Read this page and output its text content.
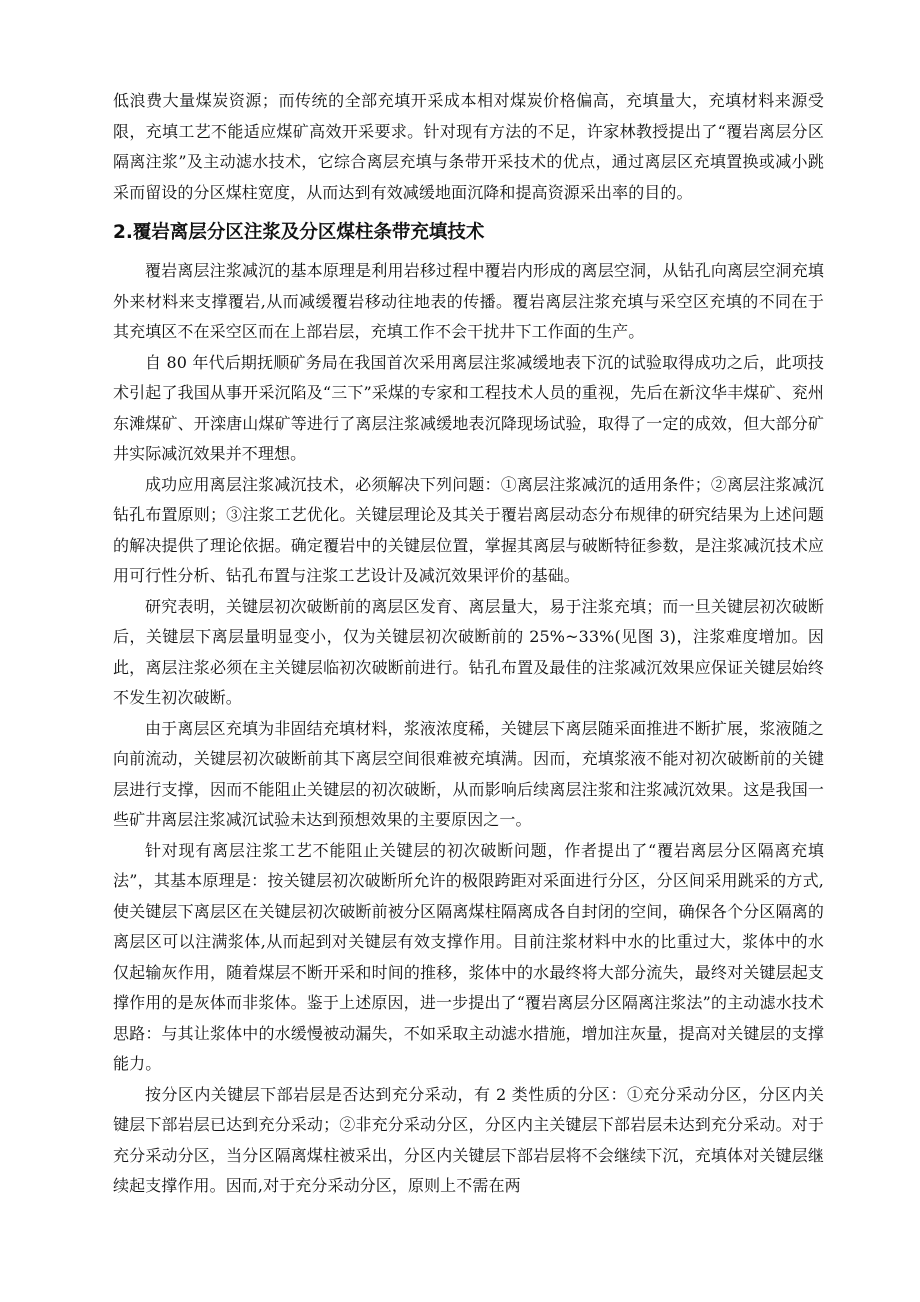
低浪费大量煤炭资源；而传统的全部充填开采成本相对煤炭价格偏高，充填量大，充填材料来源受限，充填工艺不能适应煤矿高效开采要求。针对现有方法的不足，许家林教授提出了“覆岩离层分区隔离注浆”及主动滤水技术，它综合离层充填与条带开采技术的优点，通过离层区充填置换或减小跳采而留设的分区煤柱宽度，从而达到有效减缓地面沉降和提高资源采出率的目的。

2.覆岩离层分区注浆及分区煤柱条带充填技术

覆岩离层注浆减沉的基本原理是利用岩移过程中覆岩内形成的离层空洞，从钻孔向离层空洞充填外来材料来支撑覆岩,从而减缓覆岩移动往地表的传播。覆岩离层注浆充填与采空区充填的不同在于其充填区不在采空区而在上部岩层，充填工作不会干扰井下工作面的生产。

自 80 年代后期抚顺矿务局在我国首次采用离层注浆减缓地表下沉的试验取得成功之后，此项技术引起了我国从事开采沉陷及“三下”采煤的专家和工程技术人员的重视，先后在新汶华丰煤矿、兖州东滩煤矿、开滦唐山煤矿等进行了离层注浆减缓地表沉降现场试验，取得了一定的成效，但大部分矿井实际减沉效果并不理想。

成功应用离层注浆减沉技术，必须解决下列问题：①离层注浆减沉的适用条件；②离层注浆减沉钻孔布置原则；③注浆工艺优化。关键层理论及其关于覆岩离层动态分布规律的研究结果为上述问题的解决提供了理论依据。确定覆岩中的关键层位置，掌握其离层与破断特征参数，是注浆减沉技术应用可行性分析、钻孔布置与注浆工艺设计及减沉效果评价的基础。

研究表明，关键层初次破断前的离层区发育、离层量大，易于注浆充填；而一旦关键层初次破断后，关键层下离层量明显变小，仅为关键层初次破断前的 25%~33%(见图 3)，注浆难度增加。因此，离层注浆必须在主关键层临初次破断前进行。钻孔布置及最佳的注浆减沉效果应保证关键层始终不发生初次破断。

由于离层区充填为非固结充填材料，浆液浓度稀，关键层下离层随采面推进不断扩展，浆液随之向前流动，关键层初次破断前其下离层空间很难被充填满。因而，充填浆液不能对初次破断前的关键层进行支撑，因而不能阻止关键层的初次破断，从而影响后续离层注浆和注浆减沉效果。这是我国一些矿井离层注浆减沉试验未达到预想效果的主要原因之一。

针对现有离层注浆工艺不能阻止关键层的初次破断问题，作者提出了“覆岩离层分区隔离充填法”，其基本原理是：按关键层初次破断所允许的极限跨距对采面进行分区，分区间采用跳采的方式,使关键层下离层区在关键层初次破断前被分区隔离煤柱隔离成各自封闭的空间，确保各个分区隔离的离层区可以注满浆体,从而起到对关键层有效支撑作用。目前注浆材料中水的比重过大，浆体中的水仅起输灰作用，随着煤层不断开采和时间的推移，浆体中的水最终将大部分流失，最终对关键层起支撑作用的是灰体而非浆体。鉴于上述原因，进一步提出了“覆岩离层分区隔离注浆法”的主动滤水技术思路：与其让浆体中的水缓慢被动漏失，不如采取主动滤水措施，增加注灰量，提高对关键层的支撑能力。

按分区内关键层下部岩层是否达到充分采动，有 2 类性质的分区：①充分采动分区，分区内关键层下部岩层已达到充分采动；②非充分采动分区，分区内主关键层下部岩层未达到充分采动。对于充分采动分区，当分区隔离煤柱被采出，分区内关键层下部岩层将不会继续下沉，充填体对关键层继续起支撑作用。因而,对于充分采动分区，原则上不需在两
